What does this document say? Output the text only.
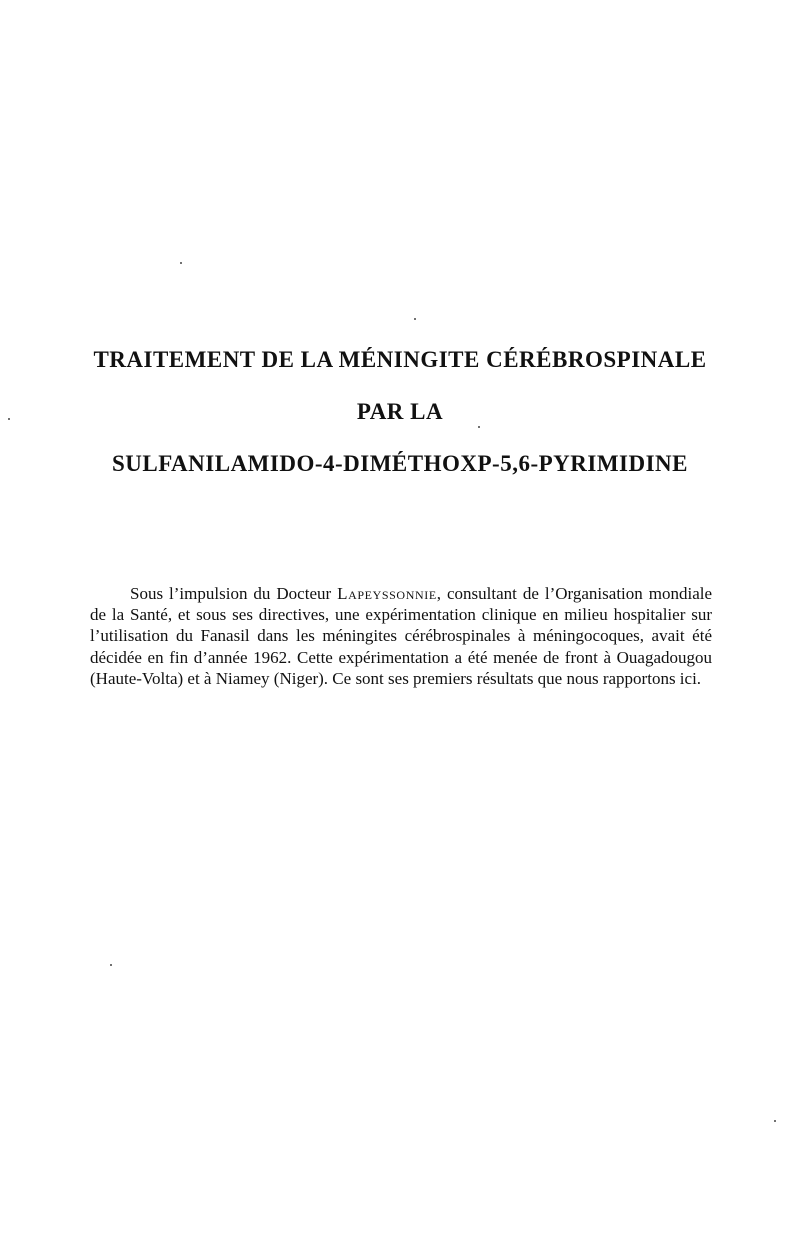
TRAITEMENT DE LA MÉNINGITE CÉRÉBROSPINALE
PAR LA
SULFANILAMIDO-4-DIMÉTHOXP-5,6-PYRIMIDINE

Sous l’impulsion du Docteur Lapeyssonnie, consultant de l’Organisation mondiale de la Santé, et sous ses directives, une expérimentation clinique en milieu hospitalier sur l’utilisation du Fanasil dans les méningites cérébrospinales à méningocoques, avait été décidée en fin d’année 1962. Cette expérimentation a été menée de front à Ouagadougou (Haute-Volta) et à Niamey (Niger). Ce sont ses premiers résultats que nous rapportons ici.
